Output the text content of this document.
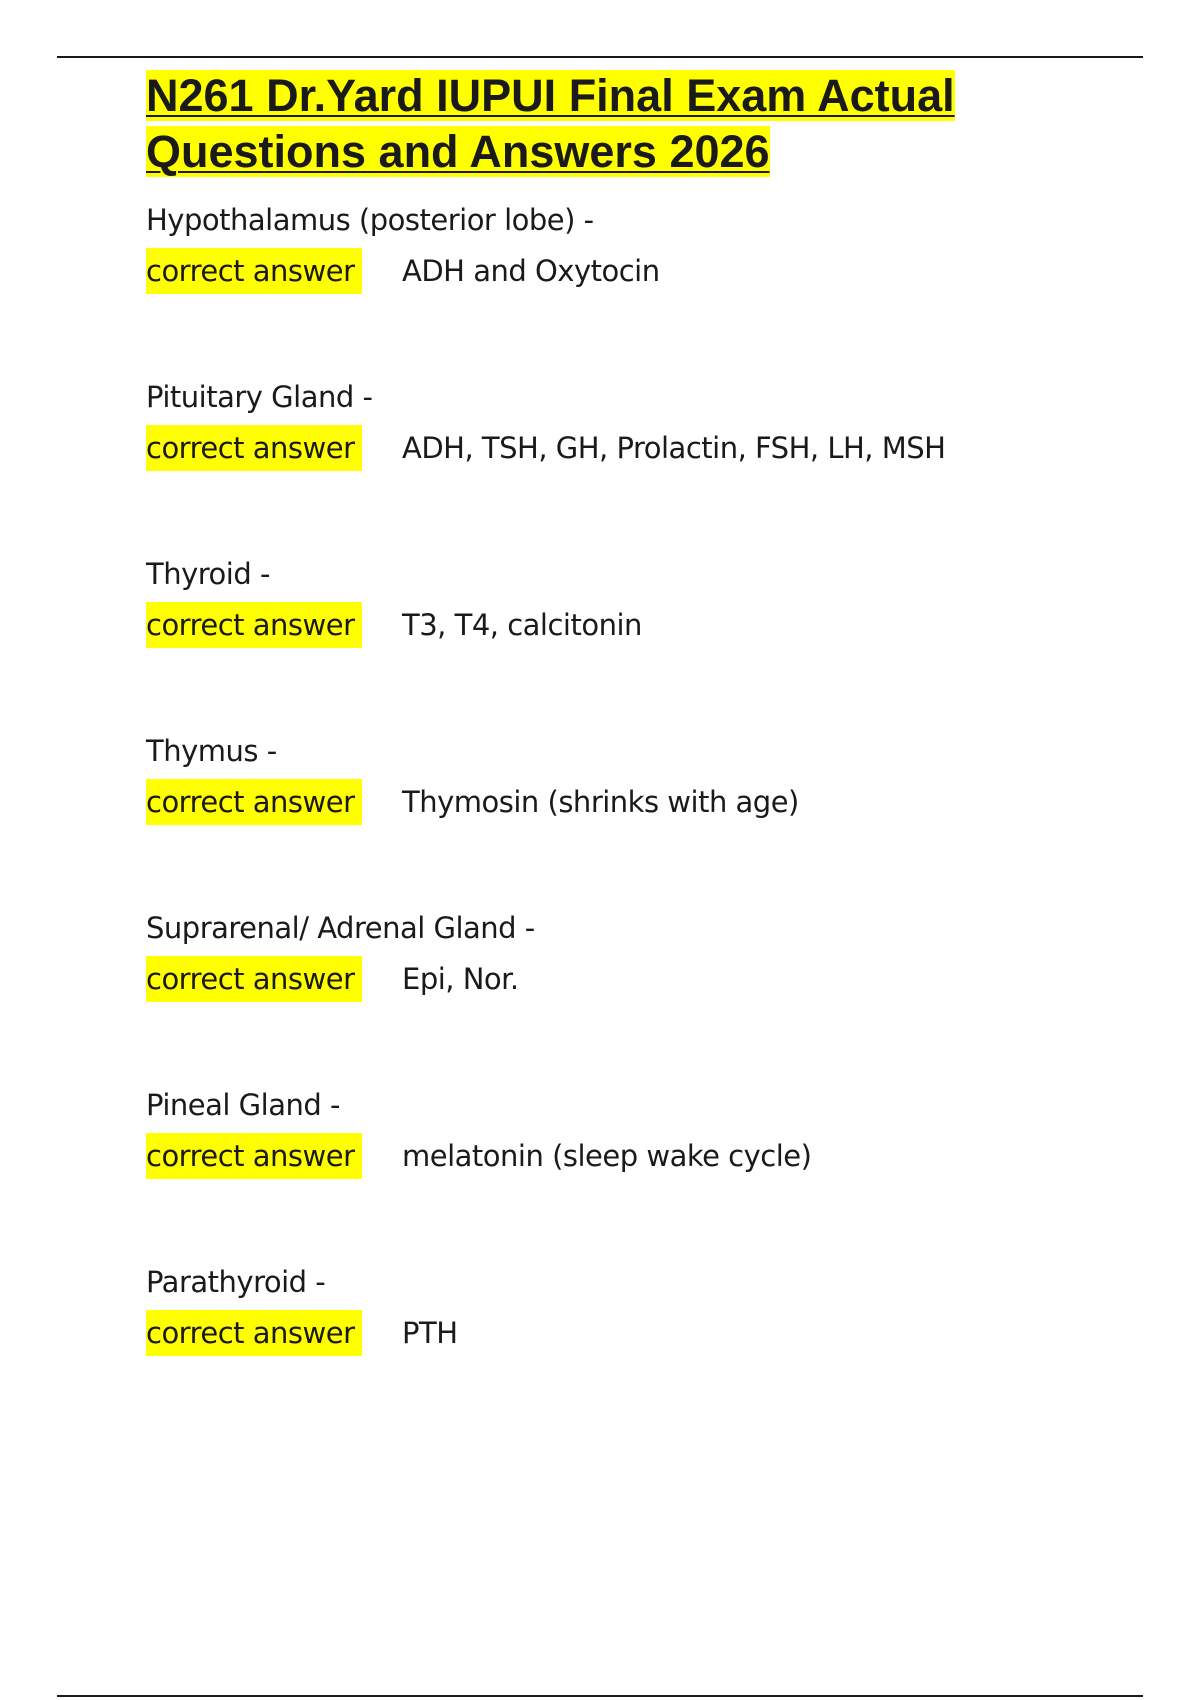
N261 Dr.Yard IUPUI Final Exam Actual Questions and Answers 2026
Hypothalamus (posterior lobe) -
correct answer ADH and Oxytocin
Pituitary Gland -
correct answer ADH, TSH, GH, Prolactin, FSH, LH, MSH
Thyroid -
correct answer T3, T4, calcitonin
Thymus -
correct answer Thymosin (shrinks with age)
Suprarenal/ Adrenal Gland -
correct answer Epi, Nor.
Pineal Gland -
correct answer melatonin (sleep wake cycle)
Parathyroid -
correct answer PTH
